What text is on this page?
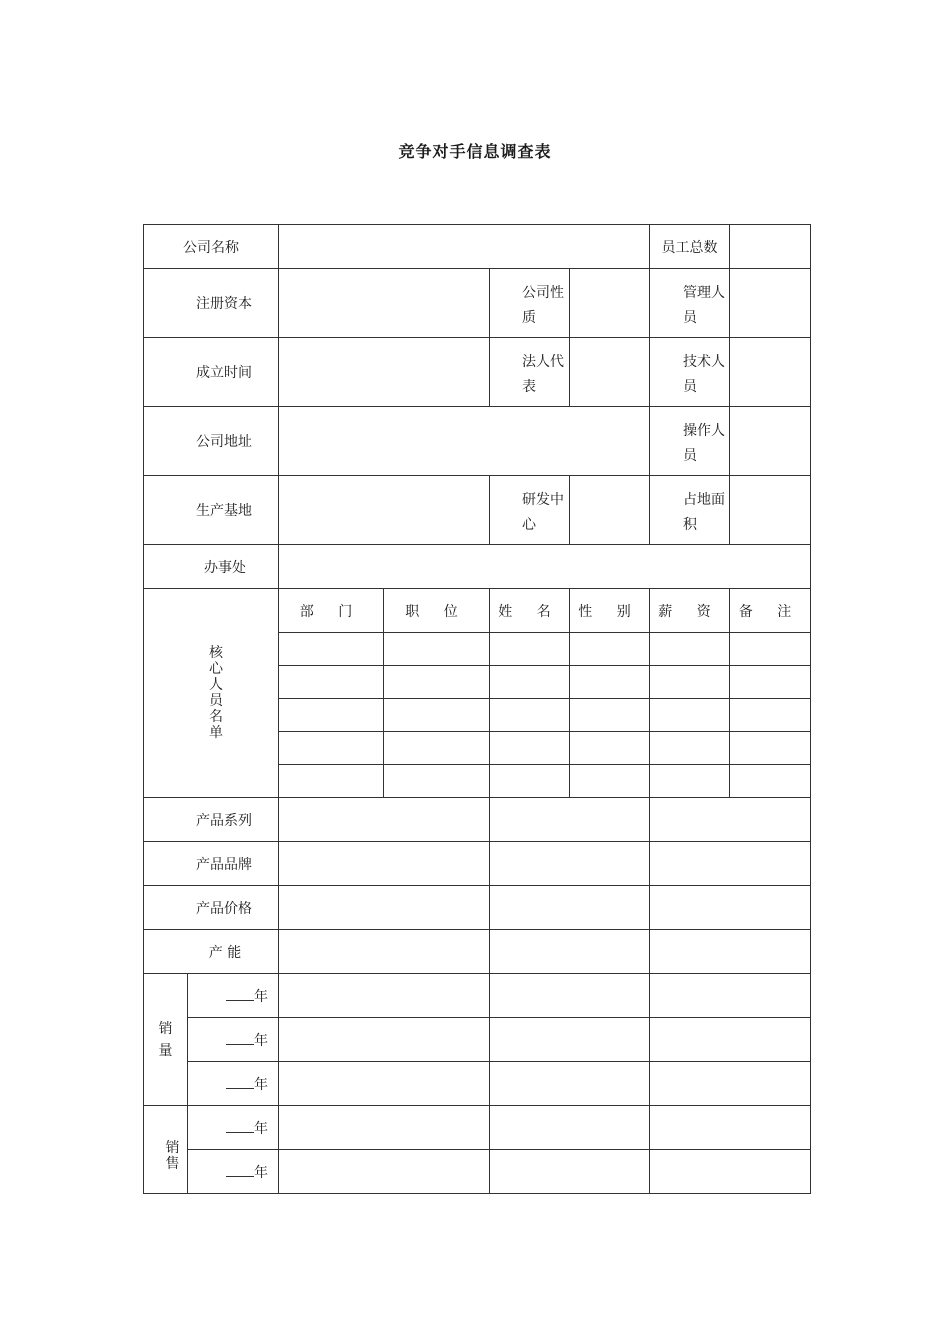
竞争对手信息调查表
公司名称						员工总数	
注册资本				公司性质		管理人员	
成立时间				法人代表		技术人员	
公司地址						操作人员	
生产基地				研发中心		占地面积	
办事处							

核心人员名单		部 门	职 位	姓 名	性 别	薪 资	备 注

产品系列							
产品品牌							
产品价格							
产 能							

销量	年						
	年						
	年						

销售	年						
	年						
